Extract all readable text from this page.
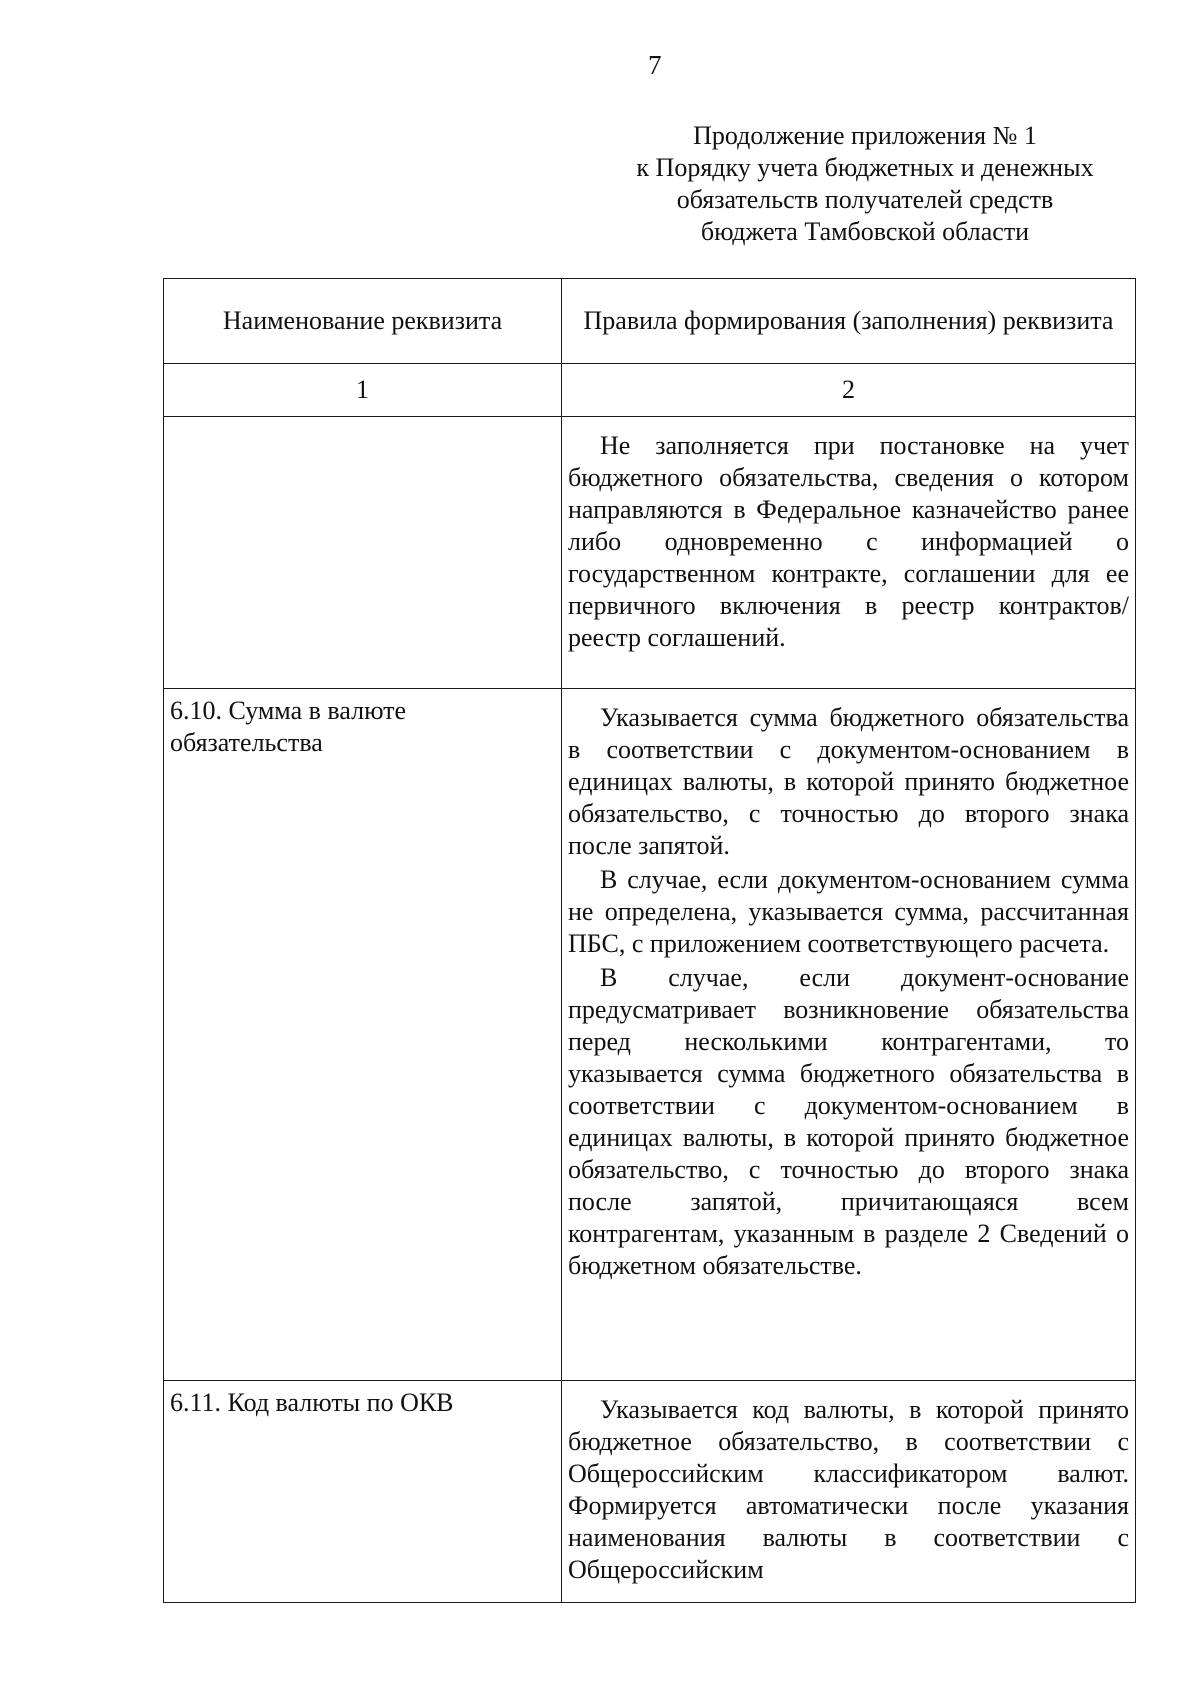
7
Продолжение приложения № 1
к Порядку учета бюджетных и денежных
обязательств получателей средств
бюджета Тамбовской области
Наименование реквизита	Правила формирования (заполнения) реквизита
1	2

	Не заполняется при постановке на учет бюджетного обязательства, сведения о котором направляются в Федеральное казначейство ранее либо одновременно с информацией о государственном контракте, соглашении для ее первичного включения в реестр контрактов/реестр соглашений.

6.10. Сумма в валюте обязательства	Указывается сумма бюджетного обязательства в соответствии с документом-основанием в единицах валюты, в которой принято бюджетное обязательство, с точностью до второго знака после запятой.

В случае, если документом-основанием сумма не определена, указывается сумма, рассчитанная ПБС, с приложением соответствующего расчета.

В случае, если документ-основание предусматривает возникновение обязательства перед несколькими контрагентами, то указывается сумма бюджетного обязательства в соответствии с документом-основанием в единицах валюты, в которой принято бюджетное обязательство, с точностью до второго знака после запятой, причитающаяся всем контрагентам, указанным в разделе 2 Сведений о бюджетном обязательстве.

6.11. Код валюты по ОКВ	Указывается код валюты, в которой принято бюджетное обязательство, в соответствии с Общероссийским классификатором валют. Формируется автоматически после указания наименования валюты в соответствии с Общероссийским
